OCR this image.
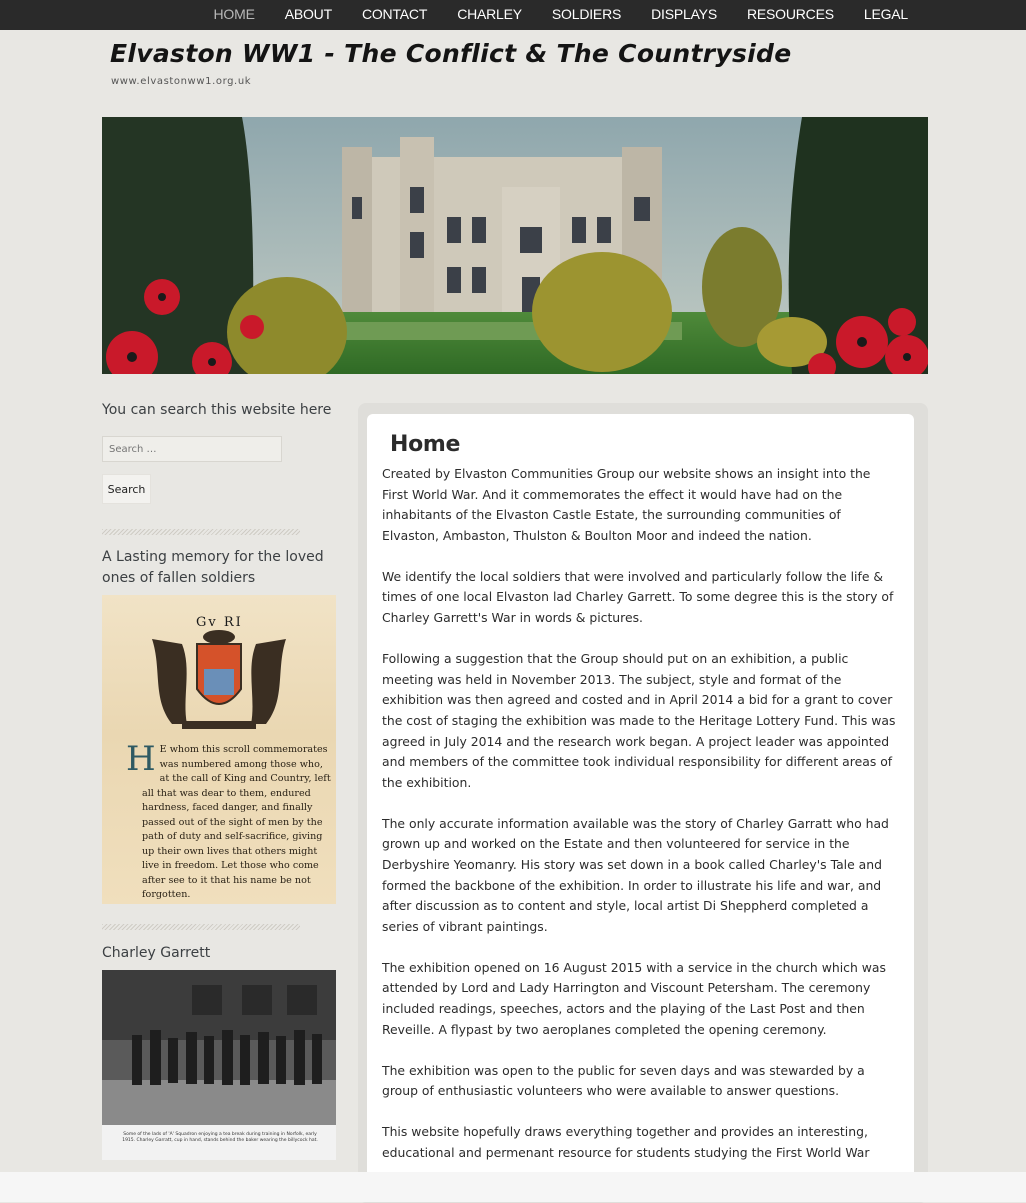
HOME	ABOUT	CONTACT	CHARLEY	SOLDIERS	DISPLAYS	RESOURCES	LEGAL
Elvaston WW1 - The Conflict & The Countryside
www.elvastonww1.org.uk
You can search this website here
Search …
Search
A Lasting memory for the loved ones of fallen soldiers
Gv RI
H E whom this scroll commemorates was numbered among those who, at the call of King and Country, left all that was dear to them, endured hardness, faced danger, and finally passed out of the sight of men by the path of duty and self-sacrifice, giving up their own lives that others might live in freedom. Let those who come after see to it that his name be not forgotten.
Charley Garrett
Some of the lads of 'A' Squadron enjoying a tea break during training in Norfolk, early 1915. Charley Garratt, cup in hand, stands behind the baker wearing the billycock hat.
Home

Created by Elvaston Communities Group our website shows an insight into the First World War. And it commemorates the effect it would have had on the inhabitants of the Elvaston Castle Estate, the surrounding communities of Elvaston, Ambaston, Thulston & Boulton Moor and indeed the nation.

We identify the local soldiers that were involved and particularly follow the life & times of one local Elvaston lad Charley Garrett. To some degree this is the story of Charley Garrett's War in words & pictures.

Following a suggestion that the Group should put on an exhibition, a public meeting was held in November 2013. The subject, style and format of the exhibition was then agreed and costed and in April 2014 a bid for a grant to cover the cost of staging the exhibition was made to the Heritage Lottery Fund. This was agreed in July 2014 and the research work began. A project leader was appointed and members of the committee took individual responsibility for different areas of the exhibition.

The only accurate information available was the story of Charley Garratt who had grown up and worked on the Estate and then volunteered for service in the Derbyshire Yeomanry. His story was set down in a book called Charley's Tale and formed the backbone of the exhibition. In order to illustrate his life and war, and after discussion as to content and style, local artist Di Sheppherd completed a series of vibrant paintings.

The exhibition opened on 16 August 2015 with a service in the church which was attended by Lord and Lady Harrington and Viscount Petersham. The ceremony included readings, speeches, actors and the playing of the Last Post and then Reveille. A flypast by two aeroplanes completed the opening ceremony.

The exhibition was open to the public for seven days and was stewarded by a group of enthusiastic volunteers who were available to answer questions.

This website hopefully draws everything together and provides an interesting, educational and permenant resource for students studying the First World War
